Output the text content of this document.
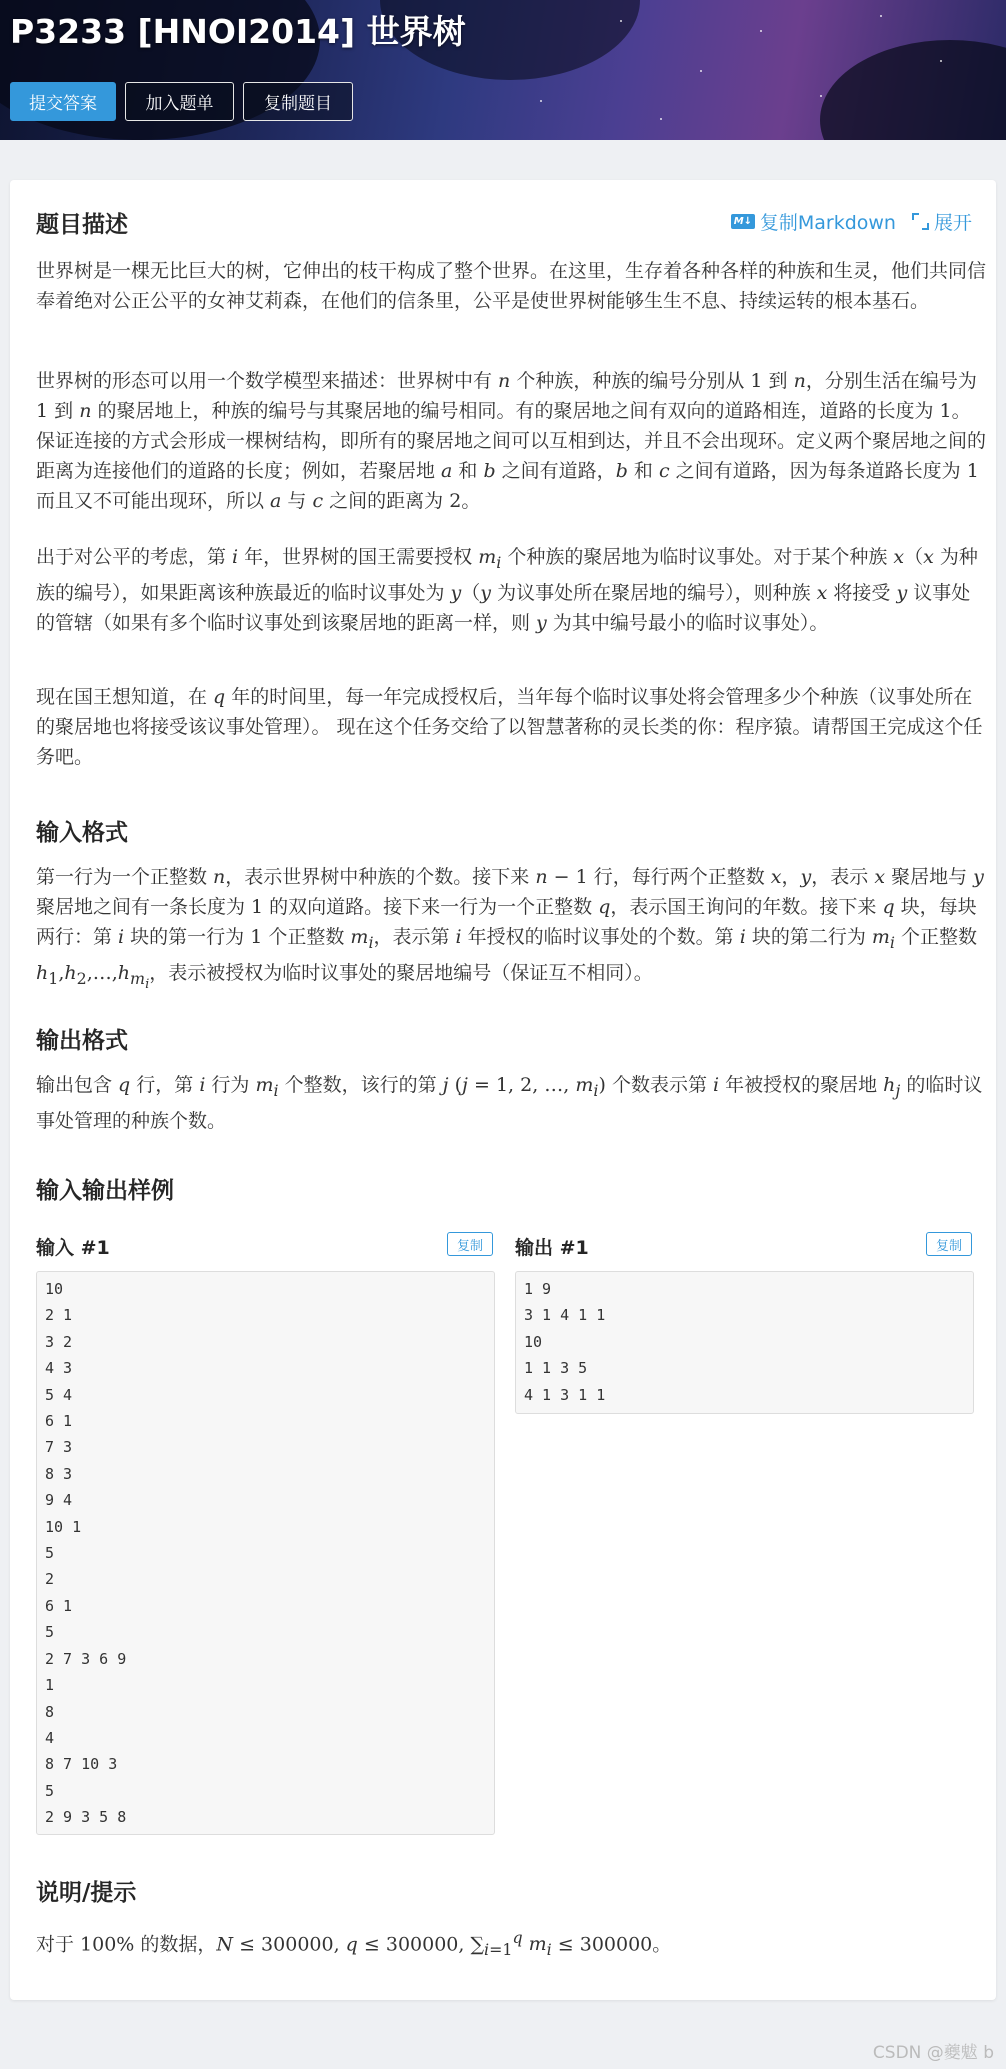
P3233 [HNOI2014] 世界树
提交答案	加入题单	复制题目
题目描述	M↓ 复制Markdown 展开
世界树是一棵无比巨大的树，它伸出的枝干构成了整个世界。在这里，生存着各种各样的种族和生灵，他们共同信奉着绝对公正公平的女神艾莉森，在他们的信条里，公平是使世界树能够生生不息、持续运转的根本基石。
世界树的形态可以用一个数学模型来描述：世界树中有 n 个种族，种族的编号分别从 1 到 n，分别生活在编号为 1 到 n 的聚居地上，种族的编号与其聚居地的编号相同。有的聚居地之间有双向的道路相连，道路的长度为 1。保证连接的方式会形成一棵树结构，即所有的聚居地之间可以互相到达，并且不会出现环。定义两个聚居地之间的距离为连接他们的道路的长度；例如，若聚居地 a 和 b 之间有道路，b 和 c 之间有道路，因为每条道路长度为 1 而且又不可能出现环，所以 a 与 c 之间的距离为 2。
出于对公平的考虑，第 i 年，世界树的国王需要授权 $m_i$ 个种族的聚居地为临时议事处。对于某个种族 x（x 为种族的编号），如果距离该种族最近的临时议事处为 y（y 为议事处所在聚居地的编号），则种族 x 将接受 y 议事处的管辖（如果有多个临时议事处到该聚居地的距离一样，则 y 为其中编号最小的临时议事处）。
现在国王想知道，在 q 年的时间里，每一年完成授权后，当年每个临时议事处将会管理多少个种族（议事处所在的聚居地也将接受该议事处管理）。 现在这个任务交给了以智慧著称的灵长类的你：程序猿。请帮国王完成这个任务吧。
输入格式
第一行为一个正整数 n，表示世界树中种族的个数。接下来 n − 1 行，每行两个正整数 x，y，表示 x 聚居地与 y 聚居地之间有一条长度为 1 的双向道路。接下来一行为一个正整数 q，表示国王询问的年数。接下来 q 块，每块两行：第 i 块的第一行为 1 个正整数 $m_i$，表示第 i 年授权的临时议事处的个数。第 i 块的第二行为 $m_i$ 个正整数 $h_1,h_2,\dots,h_{m_i}$，表示被授权为临时议事处的聚居地编号（保证互不相同）。
输出格式
输出包含 q 行，第 i 行为 $m_i$ 个整数，该行的第 j (j = 1, 2, …, $m_i$) 个数表示第 i 年被授权的聚居地 $h_j$ 的临时议事处管理的种族个数。
输入输出样例
输入 #1	复制
10
2 1
3 2
4 3
5 4
6 1
7 3
8 3
9 4
10 1
5
2
6 1
5
2 7 3 6 9
1
8
4
8 7 10 3
5
2 9 3 5 8
输出 #1	复制
1 9
3 1 4 1 1
10
1 1 3 5
4 1 3 1 1
说明/提示
对于 100% 的数据，N ≤ 300000, q ≤ 300000, $\sum_{i=1}^q$ $m_i \le 300000$。
CSDN @夔魃 b
